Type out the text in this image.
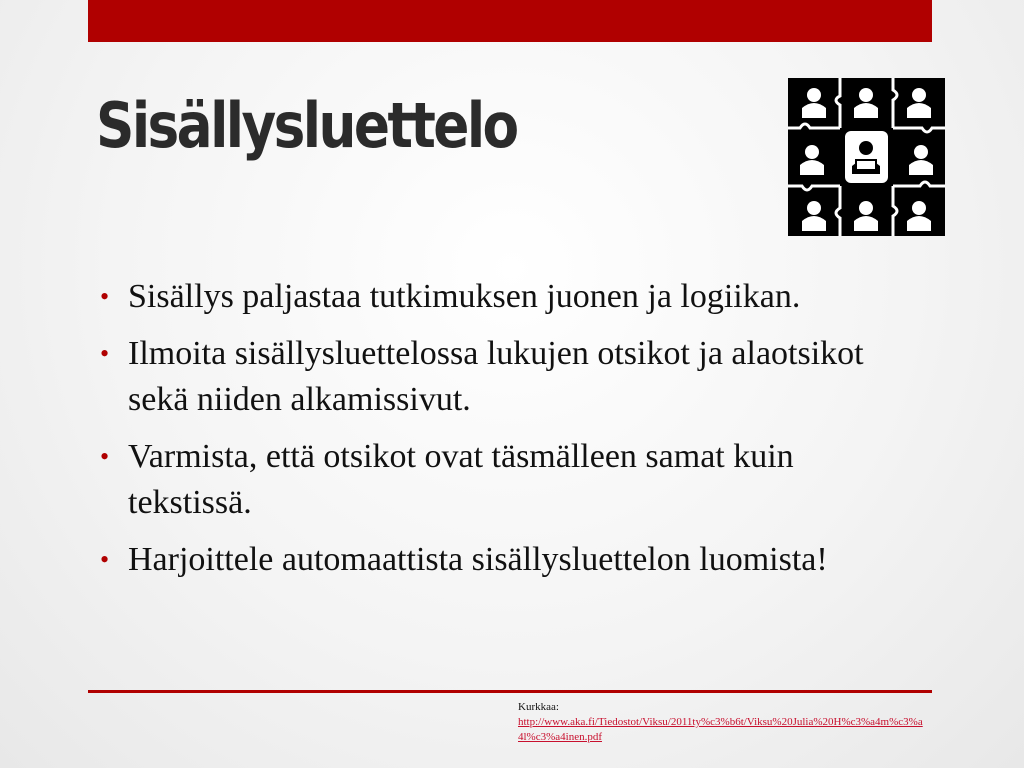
Sisällysluettelo
• Sisällys paljastaa tutkimuksen juonen ja logiikan.
• Ilmoita sisällysluettelossa lukujen otsikot ja alaotsikot sekä niiden alkamissivut.
• Varmista, että otsikot ovat täsmälleen samat kuin tekstissä.
• Harjoittele automaattista sisällysluettelon luomista!
Kurkkaa:
http://www.aka.fi/Tiedostot/Viksu/2011ty%c3%b6t/Viksu%20Julia%20H%c3%a4m%c3%a4l%c3%a4inen.pdf
